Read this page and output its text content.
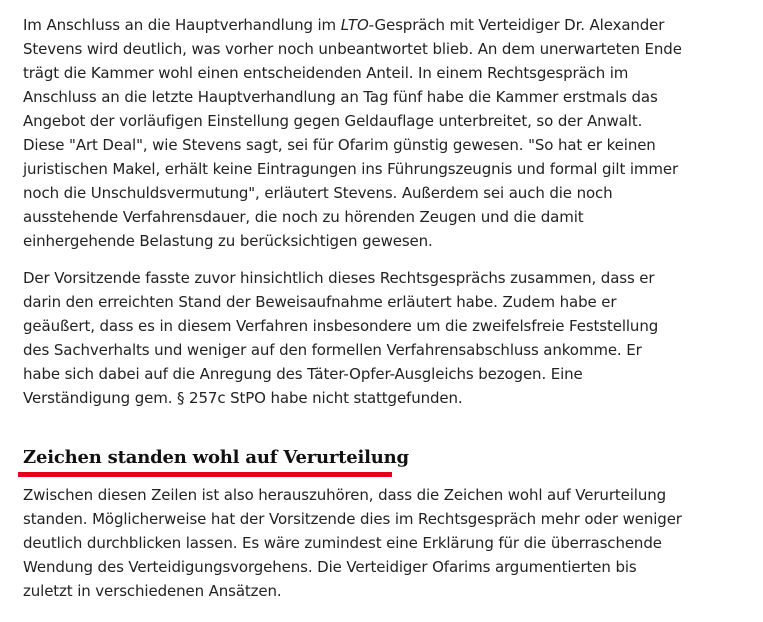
Im Anschluss an die Hauptverhandlung im LTO-Gespräch mit Verteidiger Dr. Alexander Stevens wird deutlich, was vorher noch unbeantwortet blieb. An dem unerwarteten Ende trägt die Kammer wohl einen entscheidenden Anteil. In einem Rechtsgespräch im Anschluss an die letzte Hauptverhandlung an Tag fünf habe die Kammer erstmals das Angebot der vorläufigen Einstellung gegen Geldauflage unterbreitet, so der Anwalt. Diese "Art Deal", wie Stevens sagt, sei für Ofarim günstig gewesen. "So hat er keinen juristischen Makel, erhält keine Eintragungen ins Führungszeugnis und formal gilt immer noch die Unschuldsvermutung", erläutert Stevens. Außerdem sei auch die noch ausstehende Verfahrensdauer, die noch zu hörenden Zeugen und die damit einhergehende Belastung zu berücksichtigen gewesen.

Der Vorsitzende fasste zuvor hinsichtlich dieses Rechtsgesprächs zusammen, dass er darin den erreichten Stand der Beweisaufnahme erläutert habe. Zudem habe er geäußert, dass es in diesem Verfahren insbesondere um die zweifelsfreie Feststellung des Sachverhalts und weniger auf den formellen Verfahrensabschluss ankomme. Er habe sich dabei auf die Anregung des Täter-Opfer-Ausgleichs bezogen. Eine Verständigung gem. § 257c StPO habe nicht stattgefunden.

Zeichen standen wohl auf Verurteilung

Zwischen diesen Zeilen ist also herauszuhören, dass die Zeichen wohl auf Verurteilung standen. Möglicherweise hat der Vorsitzende dies im Rechtsgespräch mehr oder weniger deutlich durchblicken lassen. Es wäre zumindest eine Erklärung für die überraschende Wendung des Verteidigungsvorgehens. Die Verteidiger Ofarims argumentierten bis zuletzt in verschiedenen Ansätzen.
